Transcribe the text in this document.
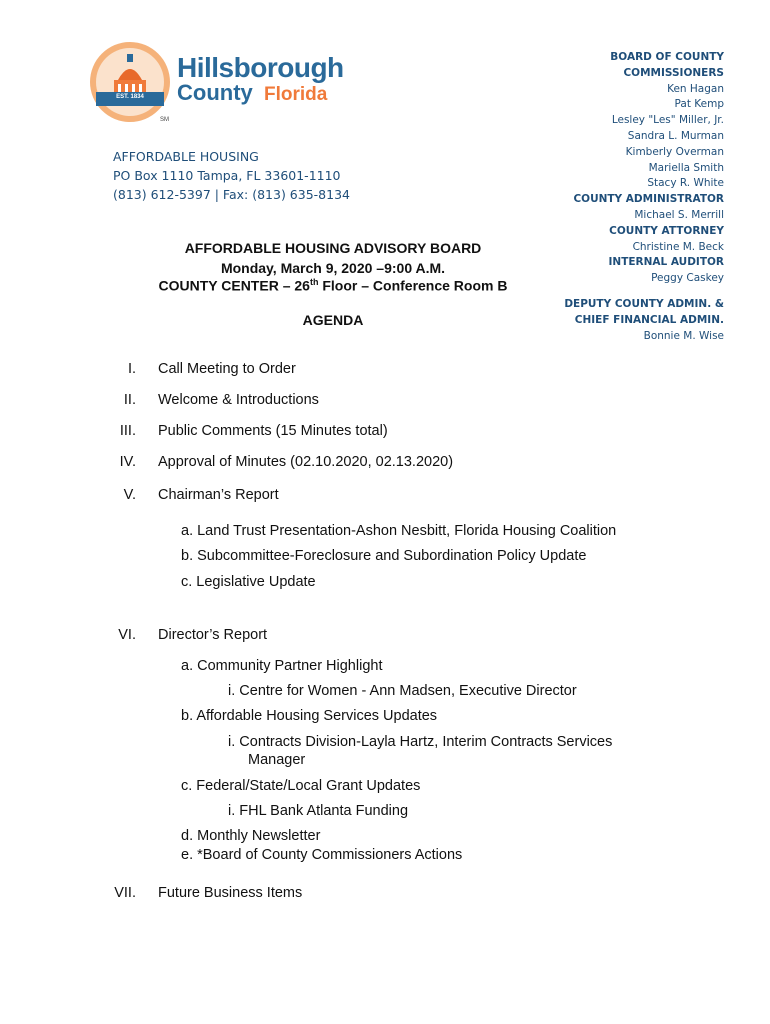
EST. 1834
Hillsborough
County Florida
SM
AFFORDABLE HOUSING
PO Box 1110 Tampa, FL 33601-1110
(813) 612-5397 | Fax: (813) 635-8134
BOARD OF COUNTY
COMMISSIONERS
Ken Hagan
Pat Kemp
Lesley "Les" Miller, Jr.
Sandra L. Murman
Kimberly Overman
Mariella Smith
Stacy R. White
COUNTY ADMINISTRATOR
Michael S. Merrill
COUNTY ATTORNEY
Christine M. Beck
INTERNAL AUDITOR
Peggy Caskey
DEPUTY COUNTY ADMIN. &
CHIEF FINANCIAL ADMIN.
Bonnie M. Wise
AFFORDABLE HOUSING ADVISORY BOARD
Monday, March 9, 2020 –9:00 A.M.
COUNTY CENTER – 26th Floor – Conference Room B
AGENDA
I. Call Meeting to Order
II. Welcome & Introductions
III. Public Comments (15 Minutes total)
IV. Approval of Minutes (02.10.2020, 02.13.2020)
V. Chairman’s Report
a. Land Trust Presentation-Ashon Nesbitt, Florida Housing Coalition
b. Subcommittee-Foreclosure and Subordination Policy Update
c. Legislative Update
VI. Director’s Report
a. Community Partner Highlight
i. Centre for Women - Ann Madsen, Executive Director
b. Affordable Housing Services Updates
i. Contracts Division-Layla Hartz, Interim Contracts Services
Manager
c. Federal/State/Local Grant Updates
i. FHL Bank Atlanta Funding
d. Monthly Newsletter
e. *Board of County Commissioners Actions
VII. Future Business Items
